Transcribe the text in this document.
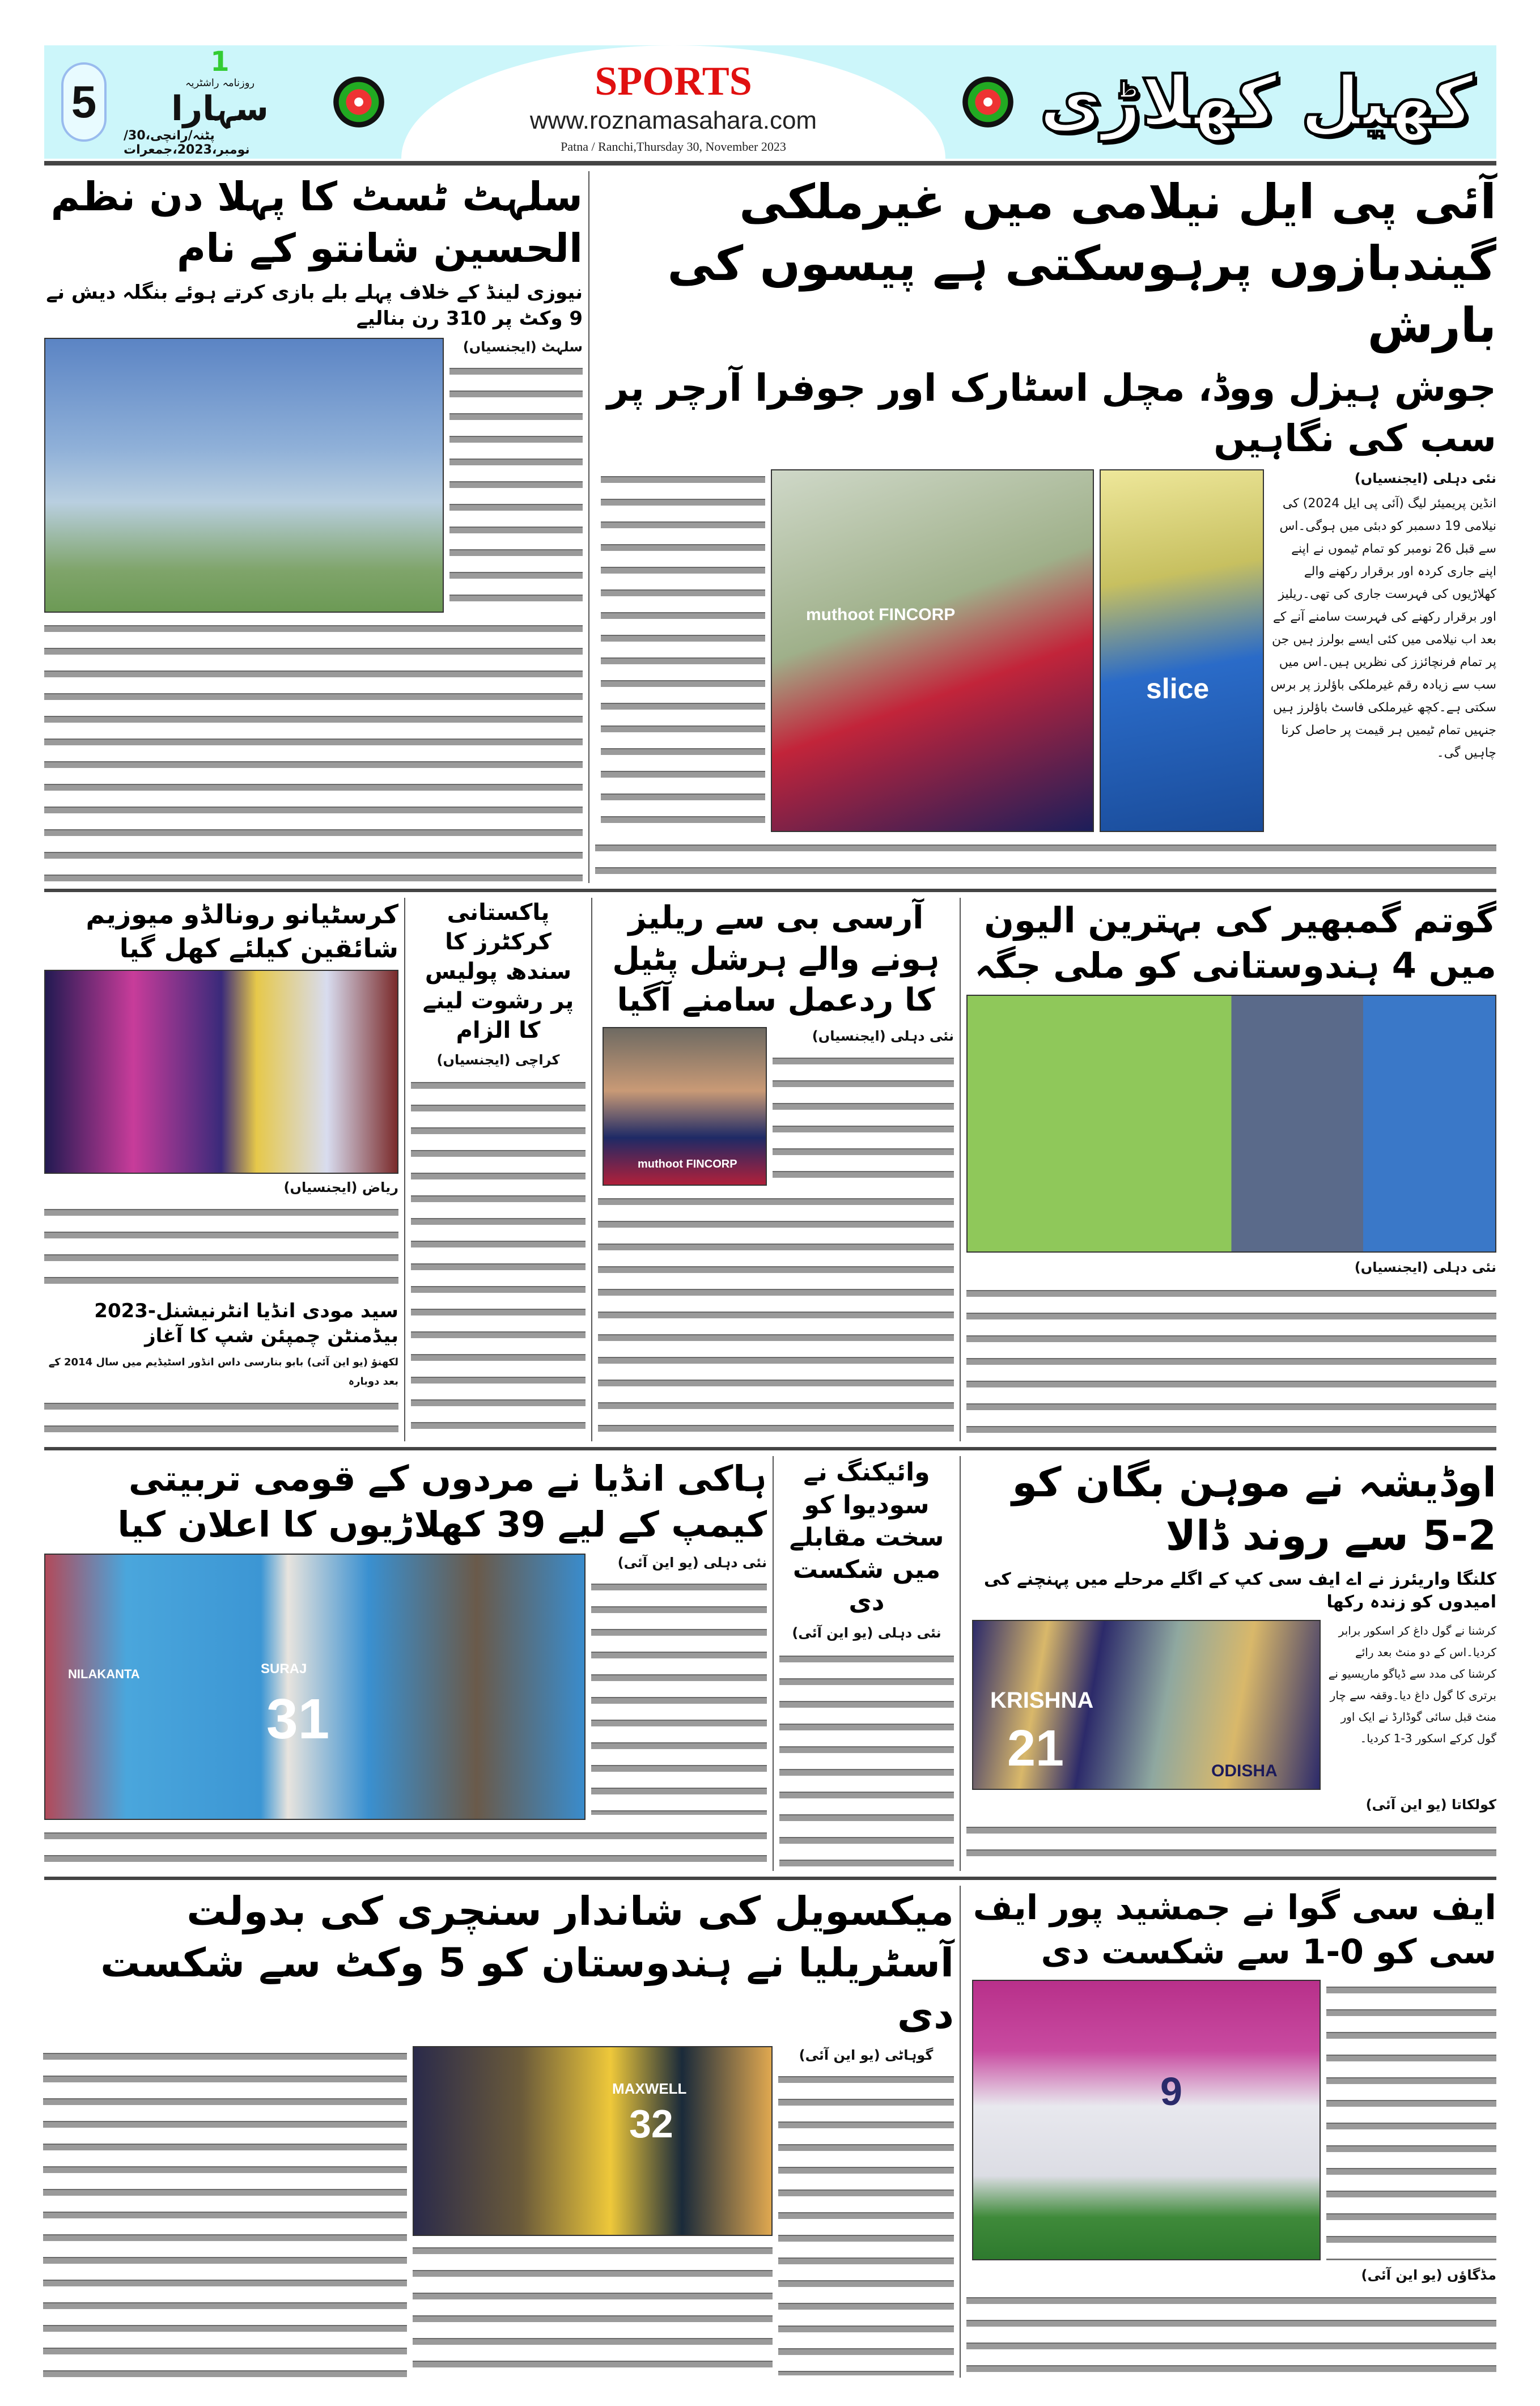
5
1
روزنامہ راشٹریہ
سہارا
پٹنہ/رانچی،30/نومبر،2023،جمعرات
SPORTS
www.roznamasahara.com
Patna / Ranchi,Thursday 30, November 2023
کھیل کھلاڑی
آئی پی ایل نیلامی میں غیرملکی گیندبازوں پرہوسکتی ہے پیسوں کی بارش
جوش ہیزل ووڈ، مچل اسٹارک اور جوفرا آرچر پر سب کی نگاہیں
نئی دہلی (ایجنسیاں)
انڈین پریمیئر لیگ (آئی پی ایل 2024) کی نیلامی 19 دسمبر کو دبئی میں ہوگی۔اس سے قبل 26 نومبر کو تمام ٹیموں نے اپنے اپنے جاری کردہ اور برقرار رکھنے والے کھلاڑیوں کی فہرست جاری کی تھی۔ریلیز اور برقرار رکھنے کی فہرست سامنے آنے کے بعد اب نیلامی میں کئی ایسے بولرز ہیں جن پر تمام فرنچائزز کی نظریں ہیں۔اس میں سب سے زیادہ رقم غیرملکی باؤلرز پر برس سکتی ہے۔کچھ غیرملکی فاسٹ باؤلرز ہیں جنہیں تمام ٹیمیں ہر قیمت پر حاصل کرنا چاہیں گی۔
slice
muthoot FINCORP
سلہٹ ٹسٹ کا پہلا دن نظم الحسین شانتو کے نام
نیوزی لینڈ کے خلاف پہلے بلے بازی کرتے ہوئے بنگلہ دیش نے 9 وکٹ پر 310 رن بنالیے
سلہٹ (ایجنسیاں)
گوتم گمبھیر کی بہترین الیون میں 4 ہندوستانی کو ملی جگہ
نئی دہلی (ایجنسیاں)
آرسی بی سے ریلیز ہونے والے ہرشل پٹیل کا ردعمل سامنے آگیا
نئی دہلی (ایجنسیاں)
muthoot FINCORP
پاکستانی کرکٹرز کا سندھ پولیس پر رشوت لینے کا الزام
کراچی (ایجنسیاں)
کرسٹیانو رونالڈو میوزیم شائقین کیلئے کھل گیا
ریاض (ایجنسیاں)
سید مودی انڈیا انٹرنیشنل-2023 بیڈمنٹن چمپئن شپ کا آغاز
لکھنؤ (یو این آئی) بابو بنارسی داس انڈور اسٹیڈیم میں سال 2014 کے بعد دوبارہ
اوڈیشہ نے موہن بگان کو 2-5 سے روند ڈالا
کلنگا واریئرز نے اے ایف سی کپ کے اگلے مرحلے میں پہنچنے کی امیدوں کو زندہ رکھا
کرشنا نے گول داغ کر اسکور برابر کردیا۔اس کے دو منٹ بعد رائے کرشنا کی مدد سے ڈیاگو ماریسیو نے برتری کا گول داغ دیا۔وقفہ سے چار منٹ قبل سائی گوڈارڈ نے ایک اور گول کرکے اسکور 3-1 کردیا۔
KRISHNA
21	ODISHA
کولکاتا (یو این آئی)
وائیکنگ نے سودیوا کو سخت مقابلے میں شکست دی
نئی دہلی (یو این آئی)
ہاکی انڈیا نے مردوں کے قومی تربیتی کیمپ کے لیے 39 کھلاڑیوں کا اعلان کیا
نئی دہلی (یو این آئی)
NILAKANTA	SURAJ
31
ایف سی گوا نے جمشید پور ایف سی کو 0-1 سے شکست دی
9
مڈگاؤں (یو این آئی)
میکسویل کی شاندار سنچری کی بدولت آسٹریلیا نے ہندوستان کو 5 وکٹ سے شکست دی
گوہاٹی (یو این آئی)
MAXWELL
32
